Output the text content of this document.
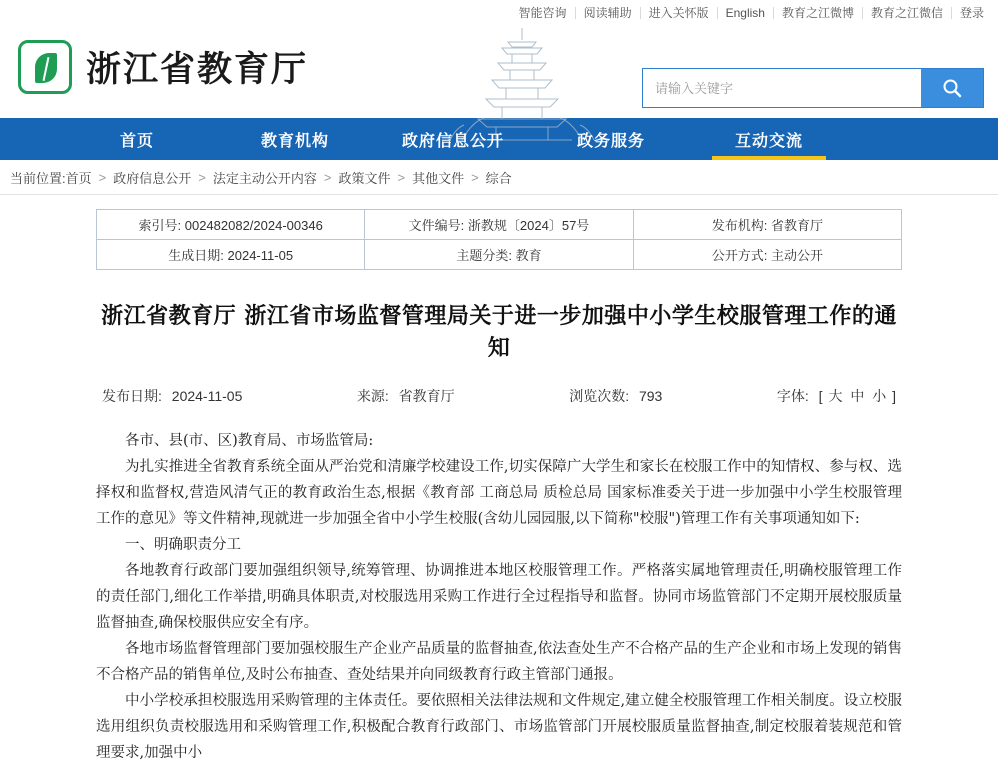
智能咨询	阅读辅助	进入关怀版	English	教育之江微博	教育之江微信	登录
浙江省教育厅
请输入关键字
首页	教育机构	政府信息公开	政务服务	互动交流
当前位置: 首页 > 政府信息公开 > 法定主动公开内容 > 政策文件 > 其他文件 > 综合
索引号: 002482082/2024-00346	文件编号: 浙教规〔2024〕57号	发布机构: 省教育厅
生成日期: 2024-11-05	主题分类: 教育	公开方式: 主动公开
浙江省教育厅 浙江省市场监督管理局关于进一步加强中小学生校服管理工作的通知
发布日期: 2024-11-05	来源: 省教育厅	浏览次数: 793	字体: [ 大 中 小 ]

各市、县(市、区)教育局、市场监管局:

为扎实推进全省教育系统全面从严治党和清廉学校建设工作,切实保障广大学生和家长在校服工作中的知情权、参与权、选择权和监督权,营造风清气正的教育政治生态,根据《教育部 工商总局 质检总局 国家标准委关于进一步加强中小学生校服管理工作的意见》等文件精神,现就进一步加强全省中小学生校服(含幼儿园园服,以下简称"校服")管理工作有关事项通知如下:

一、明确职责分工

各地教育行政部门要加强组织领导,统筹管理、协调推进本地区校服管理工作。严格落实属地管理责任,明确校服管理工作的责任部门,细化工作举措,明确具体职责,对校服选用采购工作进行全过程指导和监督。协同市场监管部门不定期开展校服质量监督抽查,确保校服供应安全有序。

各地市场监督管理部门要加强校服生产企业产品质量的监督抽查,依法查处生产不合格产品的生产企业和市场上发现的销售不合格产品的销售单位,及时公布抽查、查处结果并向同级教育行政主管部门通报。

中小学校承担校服选用采购管理的主体责任。要依照相关法律法规和文件规定,建立健全校服管理工作相关制度。设立校服选用组织负责校服选用和采购管理工作,积极配合教育行政部门、市场监管部门开展校服质量监督抽查,制定校服着装规范和管理要求,加强中小
